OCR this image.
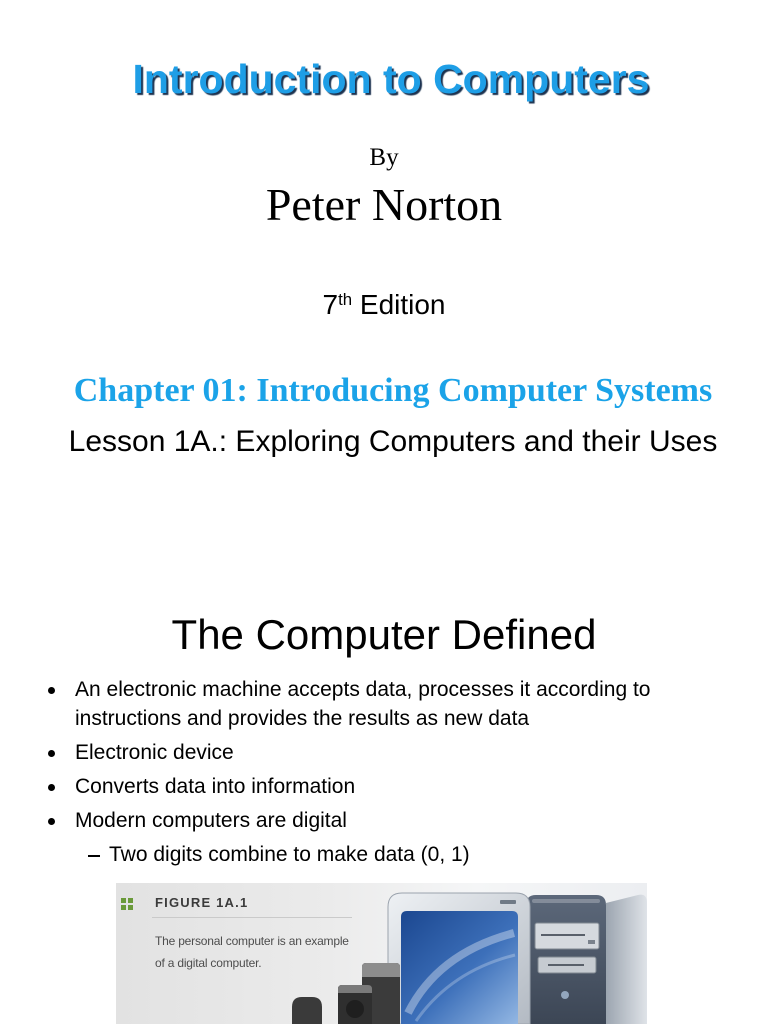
Introduction to Computers
By
Peter Norton
7th Edition
Chapter 01: Introducing Computer Systems
Lesson 1A.: Exploring Computers and their Uses
The Computer Defined
An electronic machine accepts data, processes it according to instructions and provides the results as new data
Electronic device
Converts data into information
Modern computers are digital
Two digits combine to make data (0, 1)
FIGURE 1A.1
The personal computer is an example
of a digital computer.
